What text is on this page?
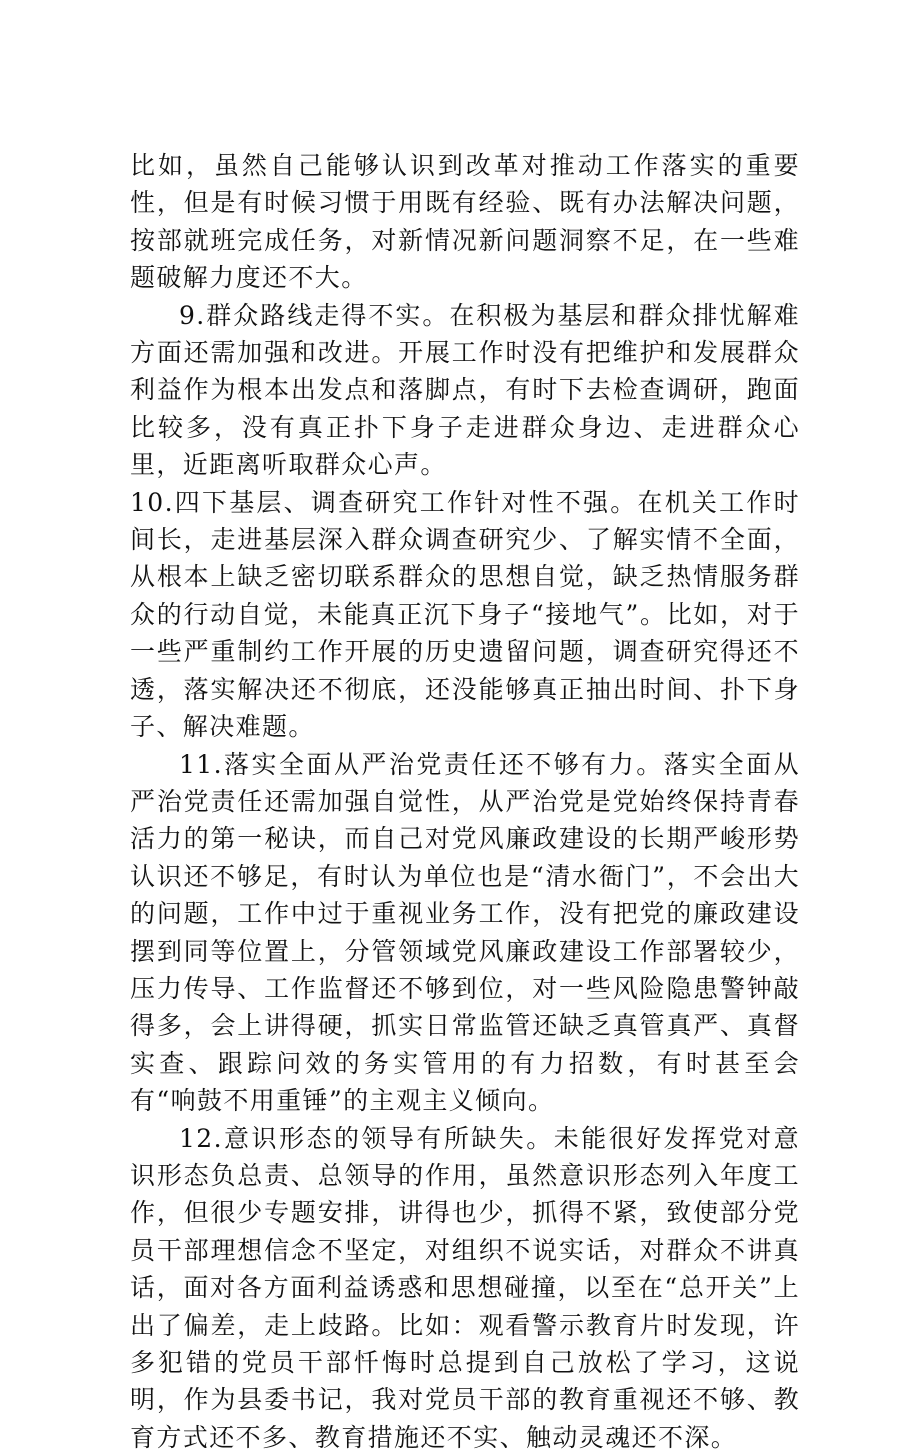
比如，虽然自己能够认识到改革对推动工作落实的重要性，但是有时候习惯于用既有经验、既有办法解决问题，按部就班完成任务，对新情况新问题洞察不足，在一些难题破解力度还不大。

9.群众路线走得不实。在积极为基层和群众排忧解难方面还需加强和改进。开展工作时没有把维护和发展群众利益作为根本出发点和落脚点，有时下去检查调研，跑面比较多，没有真正扑下身子走进群众身边、走进群众心里，近距离听取群众心声。

10.四下基层、调查研究工作针对性不强。在机关工作时间长，走进基层深入群众调查研究少、了解实情不全面，从根本上缺乏密切联系群众的思想自觉，缺乏热情服务群众的行动自觉，未能真正沉下身子“接地气”。比如，对于一些严重制约工作开展的历史遗留问题，调查研究得还不透，落实解决还不彻底，还没能够真正抽出时间、扑下身子、解决难题。

11.落实全面从严治党责任还不够有力。落实全面从严治党责任还需加强自觉性，从严治党是党始终保持青春活力的第一秘诀，而自己对党风廉政建设的长期严峻形势认识还不够足，有时认为单位也是“清水衙门”，不会出大的问题，工作中过于重视业务工作，没有把党的廉政建设摆到同等位置上，分管领域党风廉政建设工作部署较少，压力传导、工作监督还不够到位，对一些风险隐患警钟敲得多，会上讲得硬，抓实日常监管还缺乏真管真严、真督实查、跟踪问效的务实管用的有力招数，有时甚至会有“响鼓不用重锤”的主观主义倾向。

12.意识形态的领导有所缺失。未能很好发挥党对意识形态负总责、总领导的作用，虽然意识形态列入年度工作，但很少专题安排，讲得也少，抓得不紧，致使部分党员干部理想信念不坚定，对组织不说实话，对群众不讲真话，面对各方面利益诱惑和思想碰撞，以至在“总开关”上出了偏差，走上歧路。比如：观看警示教育片时发现，许多犯错的党员干部忏悔时总提到自己放松了学习，这说明，作为县委书记，我对党员干部的教育重视还不够、教育方式还不多、教育措施还不实、触动灵魂还不深。
